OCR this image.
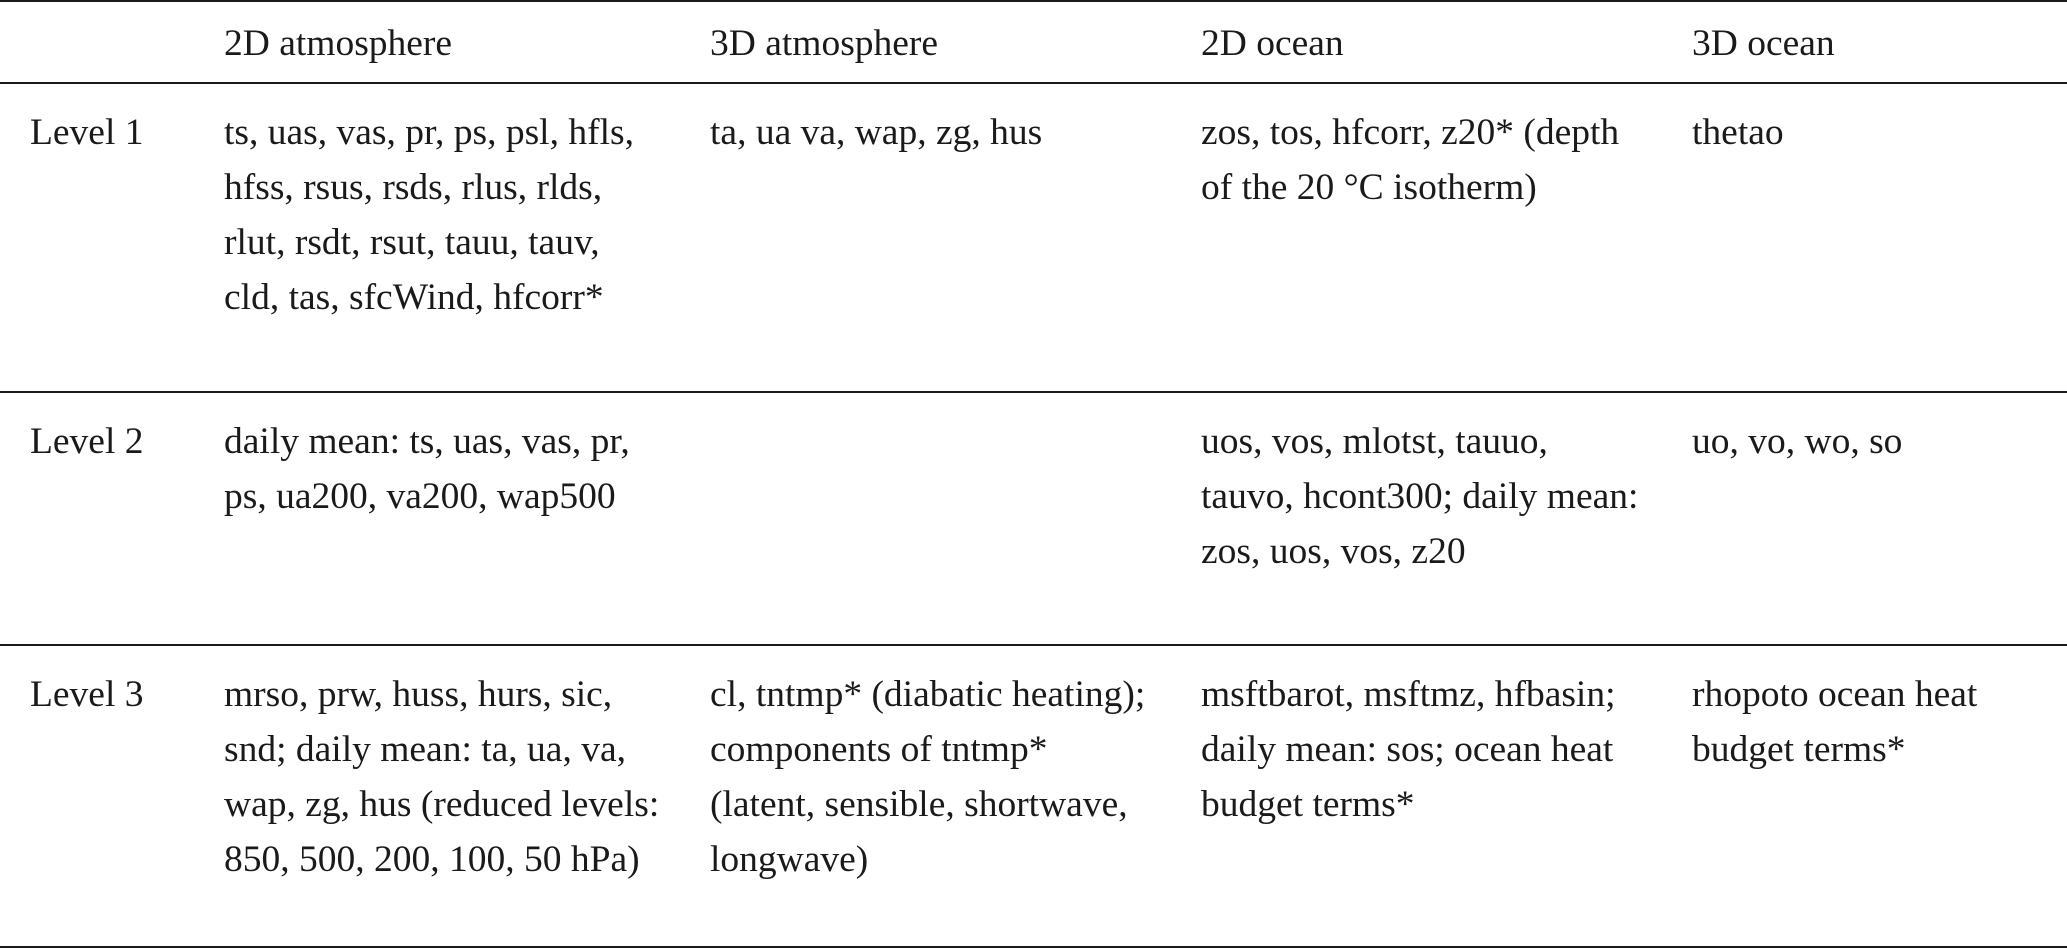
	2D atmosphere	3D atmosphere	2D ocean	3D ocean

Level 1	ts, uas, vas, pr, ps, psl, hfls, hfss, rsus, rsds, rlus, rlds, rlut, rsdt, rsut, tauu, tauv, cld, tas, sfcWind, hfcorr*	ta, ua va, wap, zg, hus	zos, tos, hfcorr, z20* (depth of the 20 °C isotherm)	thetao

Level 2	daily mean: ts, uas, vas, pr, ps, ua200, va200, wap500		uos, vos, mlotst, tauuo, tauvo, hcont300; daily mean: zos, uos, vos, z20	uo, vo, wo, so

Level 3	mrso, prw, huss, hurs, sic, snd; daily mean: ta, ua, va, wap, zg, hus (reduced levels: 850, 500, 200, 100, 50 hPa)	cl, tntmp* (diabatic heating); components of tntmp* (latent, sensible, shortwave, longwave)	msftbarot, msftmz, hfbasin; daily mean: sos; ocean heat budget terms*	rhopoto ocean heat budget terms*
